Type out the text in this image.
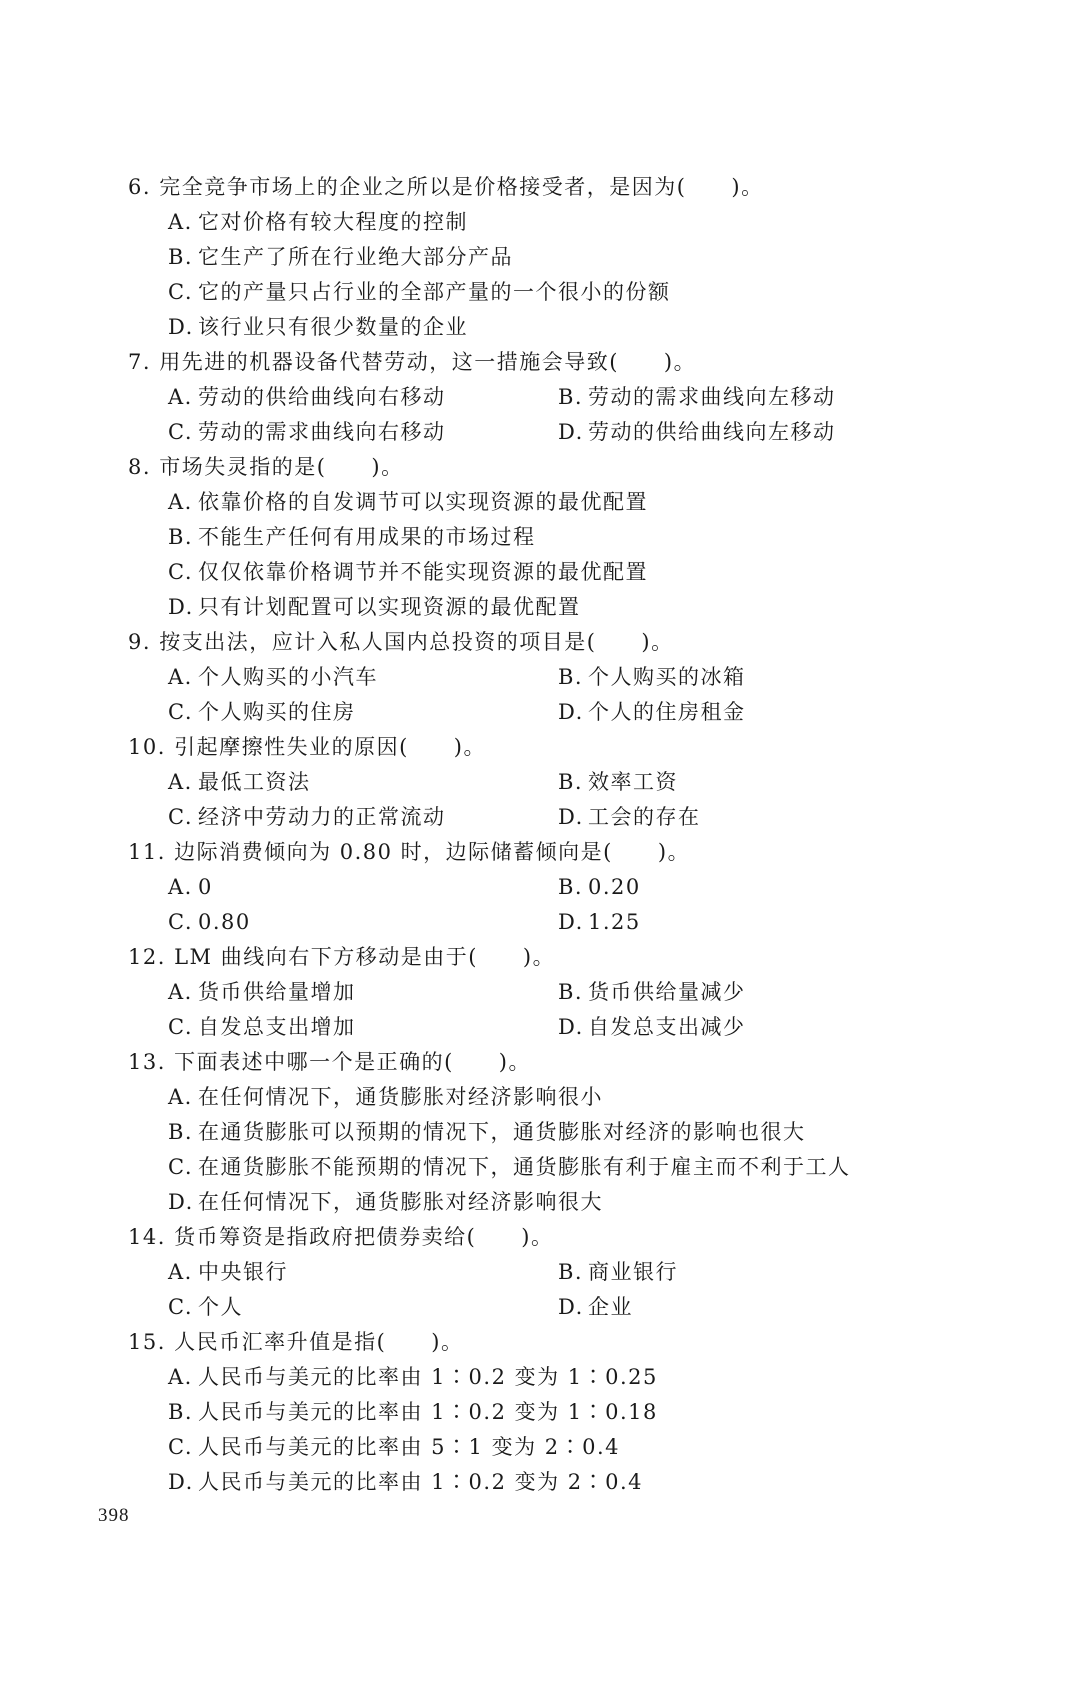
6. 完全竞争市场上的企业之所以是价格接受者，是因为(　　)。
A. 它对价格有较大程度的控制
B. 它生产了所在行业绝大部分产品
C. 它的产量只占行业的全部产量的一个很小的份额
D. 该行业只有很少数量的企业
7. 用先进的机器设备代替劳动，这一措施会导致(　　)。
A. 劳动的供给曲线向右移动	B. 劳动的需求曲线向左移动
C. 劳动的需求曲线向右移动	D. 劳动的供给曲线向左移动
8. 市场失灵指的是(　　)。
A. 依靠价格的自发调节可以实现资源的最优配置
B. 不能生产任何有用成果的市场过程
C. 仅仅依靠价格调节并不能实现资源的最优配置
D. 只有计划配置可以实现资源的最优配置
9. 按支出法，应计入私人国内总投资的项目是(　　)。
A. 个人购买的小汽车	B. 个人购买的冰箱
C. 个人购买的住房	D. 个人的住房租金
10. 引起摩擦性失业的原因(　　)。
A. 最低工资法	B. 效率工资
C. 经济中劳动力的正常流动	D. 工会的存在
11. 边际消费倾向为 0.80 时，边际储蓄倾向是(　　)。
A. 0	B. 0.20
C. 0.80	D. 1.25
12. LM 曲线向右下方移动是由于(　　)。
A. 货币供给量增加	B. 货币供给量减少
C. 自发总支出增加	D. 自发总支出减少
13. 下面表述中哪一个是正确的(　　)。
A. 在任何情况下，通货膨胀对经济影响很小
B. 在通货膨胀可以预期的情况下，通货膨胀对经济的影响也很大
C. 在通货膨胀不能预期的情况下，通货膨胀有利于雇主而不利于工人
D. 在任何情况下，通货膨胀对经济影响很大
14. 货币筹资是指政府把债券卖给(　　)。
A. 中央银行	B. 商业银行
C. 个人	D. 企业
15. 人民币汇率升值是指(　　)。
A. 人民币与美元的比率由 1∶0.2 变为 1∶0.25
B. 人民币与美元的比率由 1∶0.2 变为 1∶0.18
C. 人民币与美元的比率由 5∶1 变为 2∶0.4
D. 人民币与美元的比率由 1∶0.2 变为 2∶0.4
398
